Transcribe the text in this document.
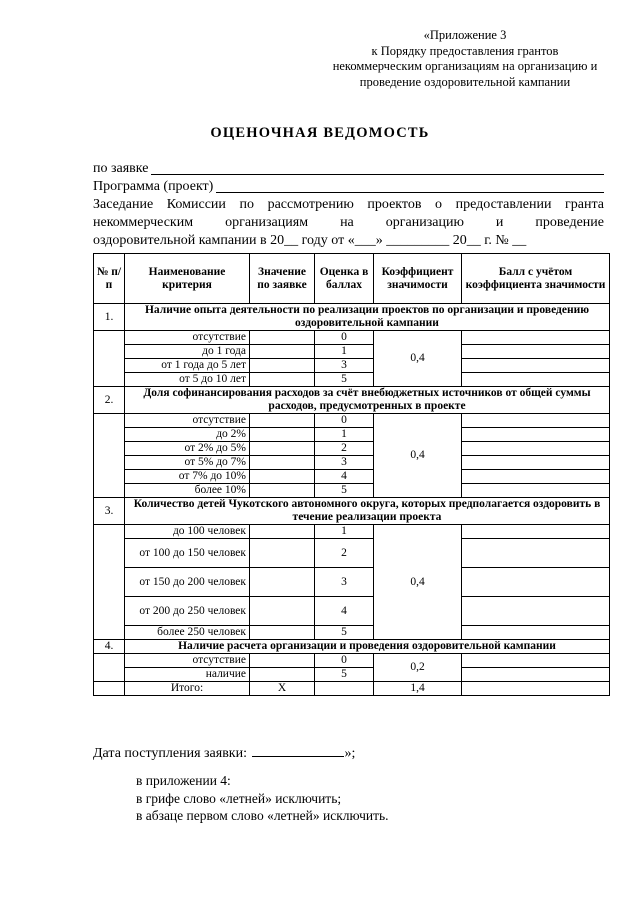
«Приложение 3
к Порядку предоставления грантов
некоммерческим организациям на организацию и
проведение оздоровительной кампании
ОЦЕНОЧНАЯ ВЕДОМОСТЬ
по заявке
Программа (проект)
Заседание Комиссии по рассмотрению проектов о предоставлении гранта
некоммерческим организациям на организацию и проведение
оздоровительной кампании в 20__ году от «___» _________ 20__ г. № __
№ п/п	Наименование критерия	Значение по заявке	Оценка в баллах	Коэффициент значимости	Балл с учётом коэффициента значимости
1.	Наличие опыта деятельности по реализации проектов по организации и проведению оздоровительной кампании				
	отсутствие		0	0,4	
	до 1 года		1		
	от 1 года до 5 лет		3		
	от 5 до 10 лет		5		
2.	Доля софинансирования расходов за счёт внебюджетных источников от общей суммы расходов, предусмотренных в проекте				
	отсутствие		0	0,4	
	до 2%		1		
	от 2% до 5%		2		
	от 5% до 7%		3		
	от 7% до 10%		4		
	более 10%		5		
3.	Количество детей Чукотского автономного округа, которых предполагается оздоровить в течение реализации проекта				
	до 100 человек		1	0,4	
	от 100 до 150 человек		2		
	от 150 до 200 человек		3		
	от 200 до 250 человек		4		
	более 250 человек		5		
4.	Наличие расчета организации и проведения оздоровительной кампании				
	отсутствие		0	0,2	
	наличие		5		
	Итого:	Х		1,4	
Дата поступления заявки:	»;
в приложении 4:
в грифе слово «летней» исключить;
в абзаце первом слово «летней» исключить.
